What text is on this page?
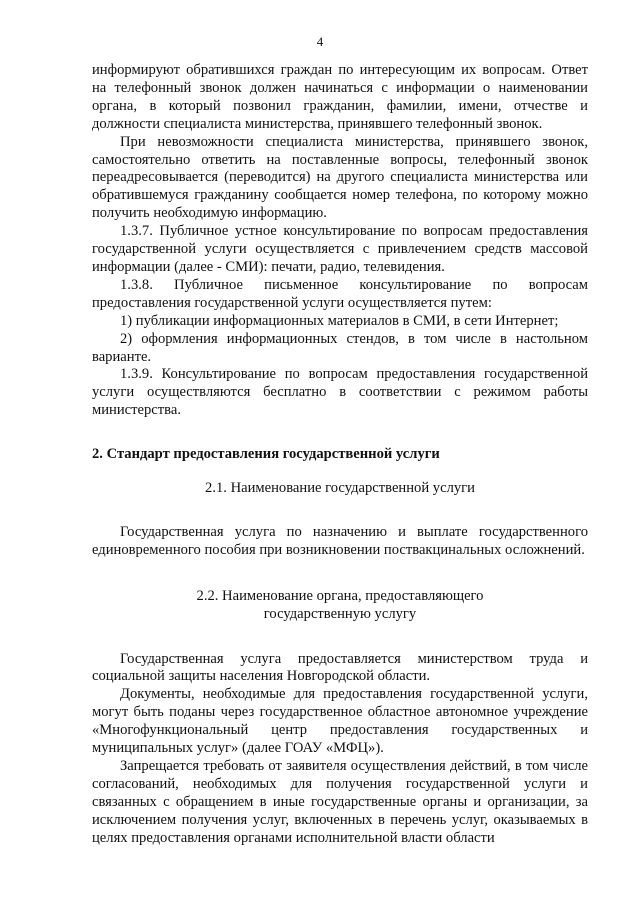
4

информируют обратившихся граждан по интересующим их вопросам. Ответ на телефонный звонок должен начинаться с информации о наименовании органа, в который позвонил гражданин, фамилии, имени, отчестве и должности специалиста министерства, принявшего телефонный звонок.

При невозможности специалиста министерства, принявшего звонок, самостоятельно ответить на поставленные вопросы, телефонный звонок переадресовывается (переводится) на другого специалиста министерства или обратившемуся гражданину сообщается номер телефона, по которому можно получить необходимую информацию.

1.3.7. Публичное устное консультирование по вопросам предоставления государственной услуги осуществляется с привлечением средств массовой информации (далее - СМИ): печати, радио, телевидения.

1.3.8. Публичное письменное консультирование по вопросам предоставления государственной услуги осуществляется путем:

1) публикации информационных материалов в СМИ, в сети Интернет;

2) оформления информационных стендов, в том числе в настольном варианте.

1.3.9. Консультирование по вопросам предоставления государственной услуги осуществляются бесплатно в соответствии с режимом работы министерства.

2. Стандарт предоставления государственной услуги

2.1. Наименование государственной услуги

Государственная услуга по назначению и выплате государственного единовременного пособия при возникновении поствакцинальных осложнений.

2.2. Наименование органа, предоставляющего
государственную услугу

Государственная услуга предоставляется министерством труда и социальной защиты населения Новгородской области.

Документы, необходимые для предоставления государственной услуги, могут быть поданы через государственное областное автономное учреждение «Многофункциональный центр предоставления государственных и муниципальных услуг» (далее ГОАУ «МФЦ»).

Запрещается требовать от заявителя осуществления действий, в том числе согласований, необходимых для получения государственной услуги и связанных с обращением в иные государственные органы и организации, за исключением получения услуг, включенных в перечень услуг, оказываемых в целях предоставления органами исполнительной власти области
